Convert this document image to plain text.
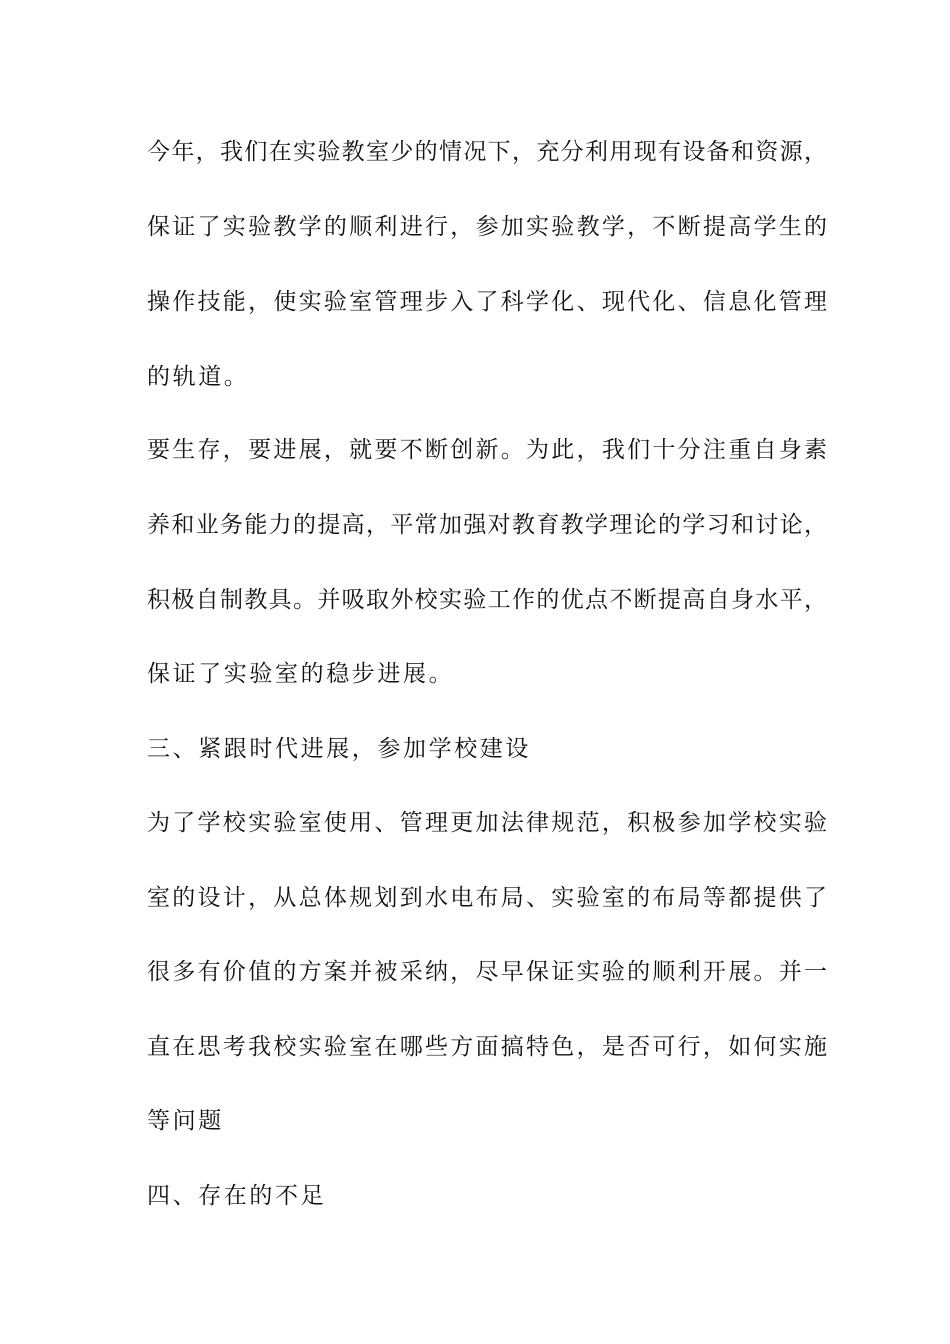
今年，我们在实验教室少的情况下，充分利用现有设备和资源，
保证了实验教学的顺利进行，参加实验教学，不断提高学生的
操作技能，使实验室管理步入了科学化、现代化、信息化管理
的轨道。
要生存，要进展，就要不断创新。为此，我们十分注重自身素
养和业务能力的提高，平常加强对教育教学理论的学习和讨论，
积极自制教具。并吸取外校实验工作的优点不断提高自身水平，
保证了实验室的稳步进展。
三、紧跟时代进展，参加学校建设
为了学校实验室使用、管理更加法律规范，积极参加学校实验
室的设计，从总体规划到水电布局、实验室的布局等都提供了
很多有价值的方案并被采纳，尽早保证实验的顺利开展。并一
直在思考我校实验室在哪些方面搞特色，是否可行，如何实施
等问题
四、存在的不足
